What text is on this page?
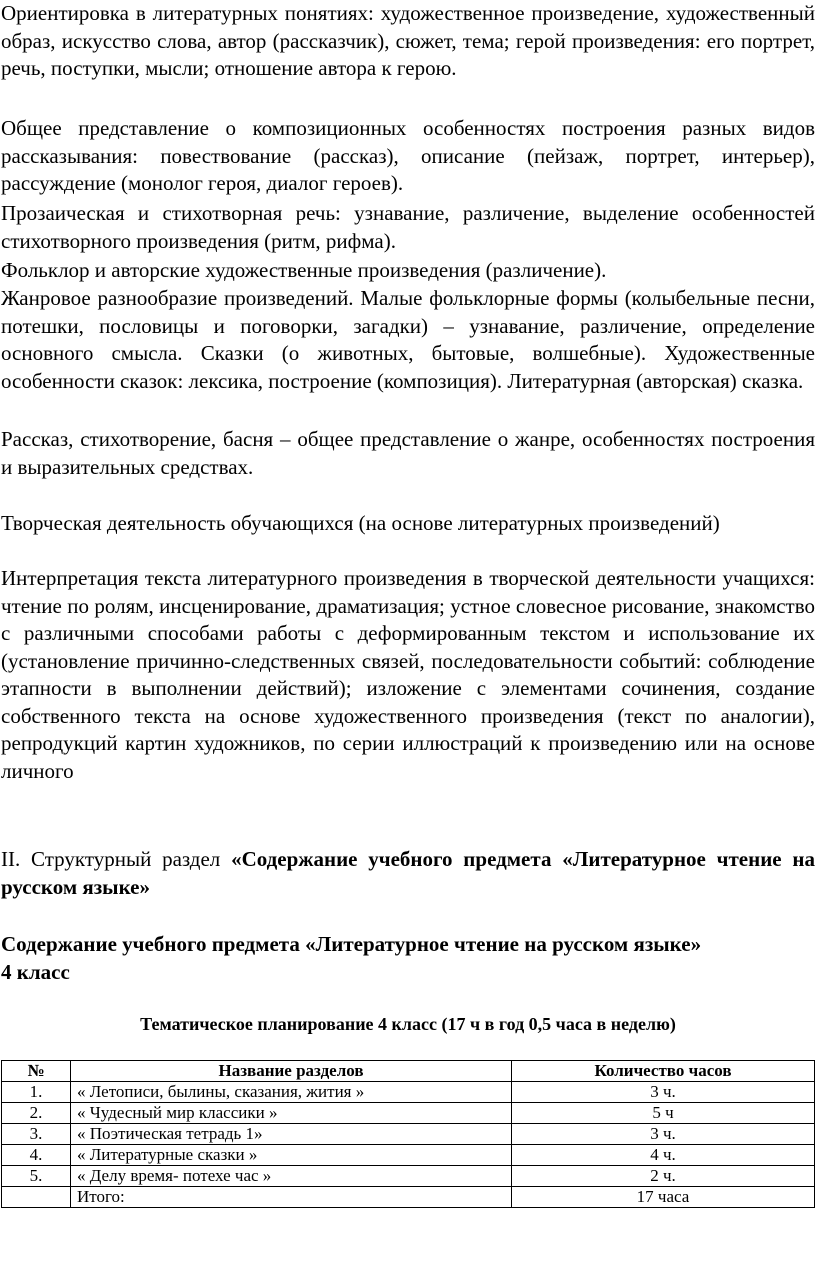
Ориентировка в литературных понятиях: художественное произведение, художественный образ, искусство слова, автор (рассказчик), сюжет, тема; герой произведения: его портрет, речь, поступки, мысли; отношение автора к герою.

Общее представление о композиционных особенностях построения разных видов рассказывания: повествование (рассказ), описание (пейзаж, портрет, интерьер), рассуждение (монолог героя, диалог героев).

Прозаическая и стихотворная речь: узнавание, различение, выделение особенностей стихотворного произведения (ритм, рифма).

Фольклор и авторские художественные произведения (различение).

Жанровое разнообразие произведений. Малые фольклорные формы (колыбельные песни, потешки, пословицы и поговорки, загадки) – узнавание, различение, определение основного смысла. Сказки (о животных, бытовые, волшебные). Художественные особенности сказок: лексика, построение (композиция). Литературная (авторская) сказка.

Рассказ, стихотворение, басня – общее представление о жанре, особенностях построения и выразительных средствах.

Творческая деятельность обучающихся (на основе литературных произведений)

Интерпретация текста литературного произведения в творческой деятельности учащихся: чтение по ролям, инсценирование, драматизация; устное словесное рисование, знакомство с различными способами работы с деформированным текстом и использование их (установление причинно-следственных связей, последовательности событий: соблюдение этапности в выполнении действий); изложение с элементами сочинения, создание собственного текста на основе художественного произведения (текст по аналогии), репродукций картин художников, по серии иллюстраций к произведению или на основе личного

II. Структурный раздел «Содержание учебного предмета «Литературное чтение на русском языке»

Содержание учебного предмета «Литературное чтение на русском языке»
4 класс

Тематическое планирование 4 класс (17 ч в год 0,5 часа в неделю)
№	Название разделов	Количество часов
1.	« Летописи, былины, сказания, жития »	3 ч.
2.	« Чудесный мир классики »	5 ч
3.	« Поэтическая тетрадь 1»	3 ч.
4.	« Литературные сказки »	4 ч.
5.	« Делу время- потехе час »	2 ч.
	Итого:	17 часа
